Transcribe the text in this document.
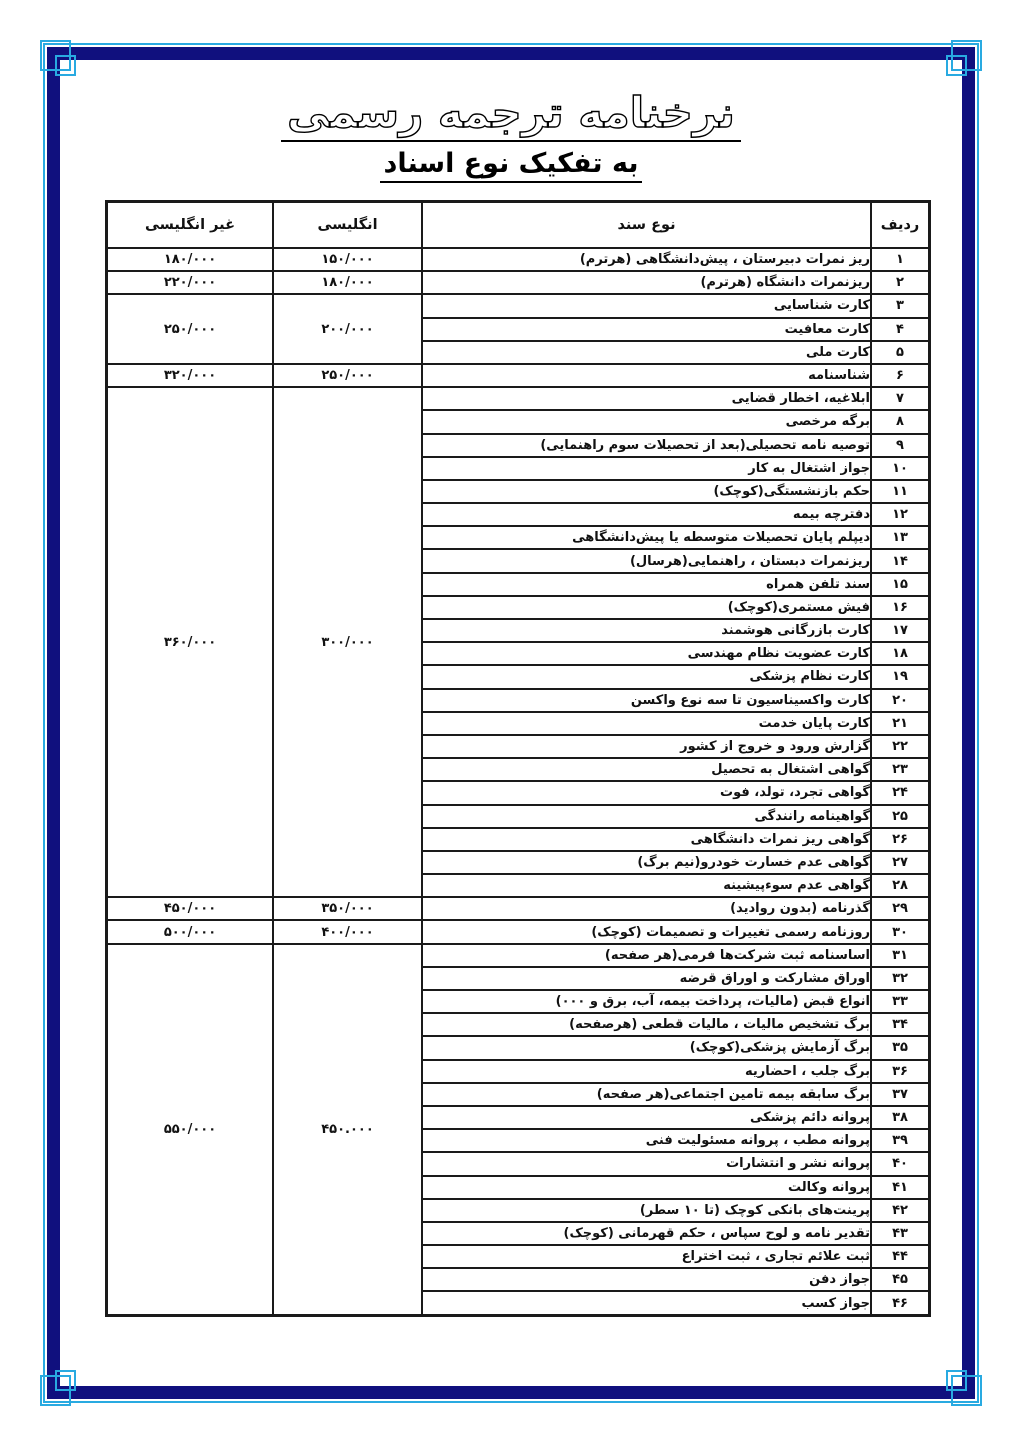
نرخنامه ترجمه رسمی
به تفکیک نوع اسناد
ردیف	نوع سند	انگلیسی	غیر انگلیسی
۱	ریز نمرات دبیرستان ، پیش‌دانشگاهی (هرترم)	۱۵۰/۰۰۰	۱۸۰/۰۰۰
۲	ریزنمرات دانشگاه (هرترم)	۱۸۰/۰۰۰	۲۲۰/۰۰۰
۳	کارت شناسایی	۲۰۰/۰۰۰	۲۵۰/۰۰۰
۴	کارت معافیت		
۵	کارت ملی		
۶	شناسنامه	۲۵۰/۰۰۰	۳۲۰/۰۰۰
۷	ابلاغیه، اخطار قضایی	۳۰۰/۰۰۰	۳۶۰/۰۰۰
۸	برگه مرخصی		
۹	توصیه نامه تحصیلی(بعد از تحصیلات سوم راهنمایی)		
۱۰	جواز اشتغال به کار		
۱۱	حکم بازنشستگی(کوچک)		
۱۲	دفترچه بیمه		
۱۳	دیپلم پایان تحصیلات متوسطه یا پیش‌دانشگاهی		
۱۴	ریزنمرات دبستان ، راهنمایی(هرسال)		
۱۵	سند تلفن همراه		
۱۶	فیش مستمری(کوچک)		
۱۷	کارت بازرگانی هوشمند		
۱۸	کارت عضویت نظام مهندسی		
۱۹	کارت نظام پزشکی		
۲۰	کارت واکسیناسیون تا سه نوع واکسن		
۲۱	کارت پایان خدمت		
۲۲	گزارش ورود و خروج از کشور		
۲۳	گواهی اشتغال به تحصیل		
۲۴	گواهی تجرد، تولد، فوت		
۲۵	گواهینامه رانندگی		
۲۶	گواهی ریز نمرات دانشگاهی		
۲۷	گواهی عدم خسارت خودرو(نیم برگ)		
۲۸	گواهی عدم سوءپیشینه		
۲۹	گذرنامه (بدون روادید)	۳۵۰/۰۰۰	۴۵۰/۰۰۰
۳۰	روزنامه رسمی تغییرات و تصمیمات (کوچک)	۴۰۰/۰۰۰	۵۰۰/۰۰۰
۳۱	اساسنامه ثبت شرکت‌ها فرمی(هر صفحه)	۴۵۰.۰۰۰	۵۵۰/۰۰۰
۳۲	اوراق مشارکت و اوراق قرضه		
۳۳	انواع قبض (مالیات، پرداخت بیمه، آب، برق و ۰۰۰)		
۳۴	برگ تشخیص مالیات ، مالیات قطعی (هرصفحه)		
۳۵	برگ آزمایش پزشکی(کوچک)		
۳۶	برگ جلب ، احضاریه		
۳۷	برگ سابقه بیمه تامین اجتماعی(هر صفحه)		
۳۸	پروانه دائم پزشکی		
۳۹	پروانه مطب ، پروانه مسئولیت فنی		
۴۰	پروانه نشر و انتشارات		
۴۱	پروانه وکالت		
۴۲	پرینت‌های بانکی کوچک (تا ۱۰ سطر)		
۴۳	تقدیر نامه و لوح سپاس ، حکم قهرمانی (کوچک)		
۴۴	ثبت علائم تجاری ، ثبت اختراع		
۴۵	جواز دفن		
۴۶	جواز کسب		
